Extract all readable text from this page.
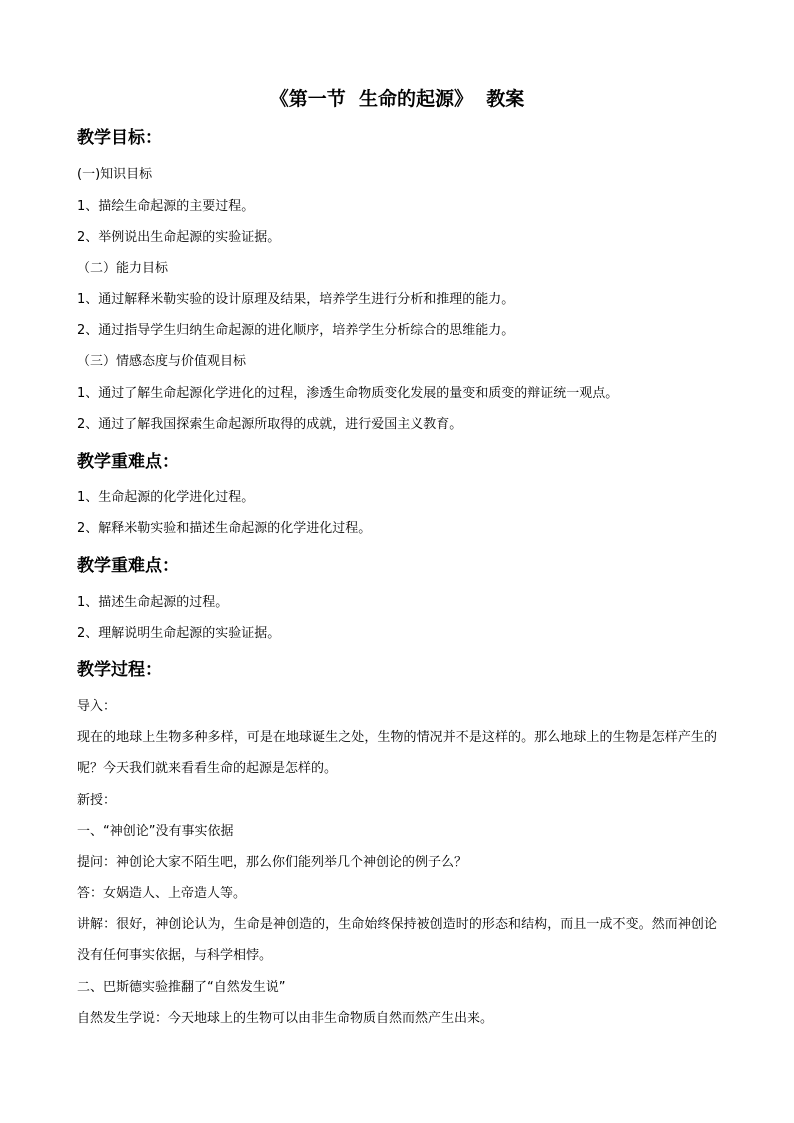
《第一节  生命的起源》  教案
教学目标：
(一)知识目标
1、描绘生命起源的主要过程。
2、举例说出生命起源的实验证据。
（二）能力目标
1、通过解释米勒实验的设计原理及结果，培养学生进行分析和推理的能力。
2、通过指导学生归纳生命起源的进化顺序，培养学生分析综合的思维能力。
（三）情感态度与价值观目标
1、通过了解生命起源化学进化的过程，渗透生命物质变化发展的量变和质变的辩证统一观点。
2、通过了解我国探索生命起源所取得的成就，进行爱国主义教育。
教学重难点：
1、生命起源的化学进化过程。
2、解释米勒实验和描述生命起源的化学进化过程。
教学重难点：
1、描述生命起源的过程。
2、理解说明生命起源的实验证据。
教学过程：
导入：
现在的地球上生物多种多样，可是在地球诞生之处，生物的情况并不是这样的。那么地球上的生物是怎样产生的呢？今天我们就来看看生命的起源是怎样的。
新授：
一、“神创论”没有事实依据
提问：神创论大家不陌生吧，那么你们能列举几个神创论的例子么？
答：女娲造人、上帝造人等。
讲解：很好，神创论认为，生命是神创造的，生命始终保持被创造时的形态和结构，而且一成不变。然而神创论没有任何事实依据，与科学相悖。
二、巴斯德实验推翻了“自然发生说”
自然发生学说：今天地球上的生物可以由非生命物质自然而然产生出来。
